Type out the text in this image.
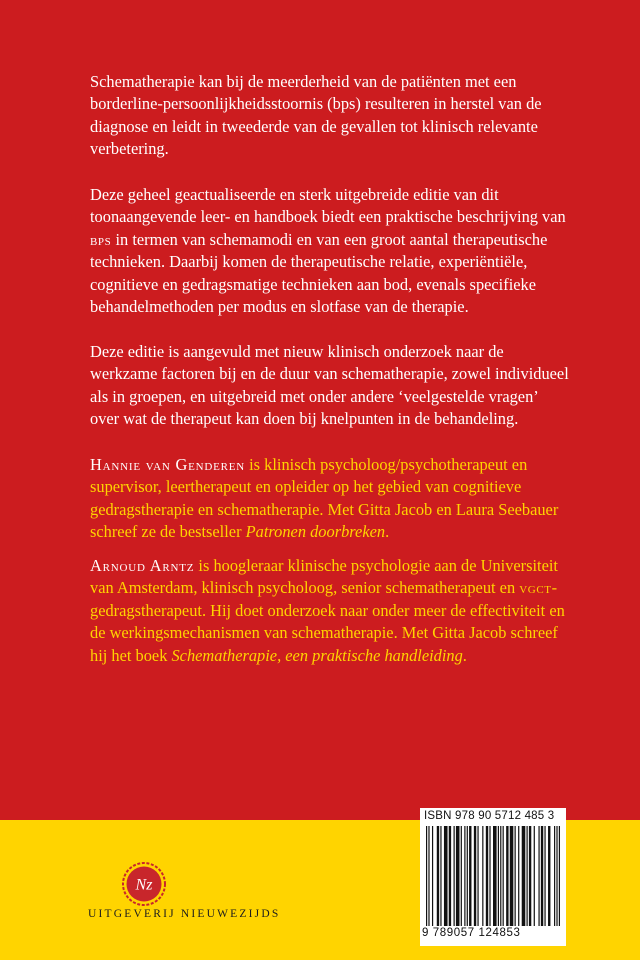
Schematherapie kan bij de meerderheid van de patiënten met een borderline-persoonlijkheidsstoornis (bps) resulteren in herstel van de diagnose en leidt in tweederde van de gevallen tot klinisch relevante verbetering.

Deze geheel geactualiseerde en sterk uitgebreide editie van dit toonaangevende leer- en handboek biedt een praktische beschrijving van bps in termen van schemamodi en van een groot aantal therapeutische technieken. Daarbij komen de therapeutische relatie, experiëntiële, cognitieve en gedragsmatige technieken aan bod, evenals specifieke behandelmethoden per modus en slotfase van de therapie.

Deze editie is aangevuld met nieuw klinisch onderzoek naar de werkzame factoren bij en de duur van schematherapie, zowel individueel als in groepen, en uitgebreid met onder andere ‘veelgestelde vragen’ over wat de therapeut kan doen bij knelpunten in de behandeling.

Hannie van Genderen is klinisch psycholoog/psychotherapeut en supervisor, leertherapeut en opleider op het gebied van cognitieve gedragstherapie en schematherapie. Met Gitta Jacob en Laura Seebauer schreef ze de bestseller Patronen doorbreken.

Arnoud Arntz is hoogleraar klinische psychologie aan de Universiteit van Amsterdam, klinisch psycholoog, senior schematherapeut en vgct-gedragstherapeut. Hij doet onderzoek naar onder meer de effectiviteit en de werkingsmechanismen van schematherapie. Met Gitta Jacob schreef hij het boek Schematherapie, een praktische handleiding.

ISBN 978 90 5712 485 3
9 789057 124853
Nz
UITGEVERIJ NIEUWEZIJDS
